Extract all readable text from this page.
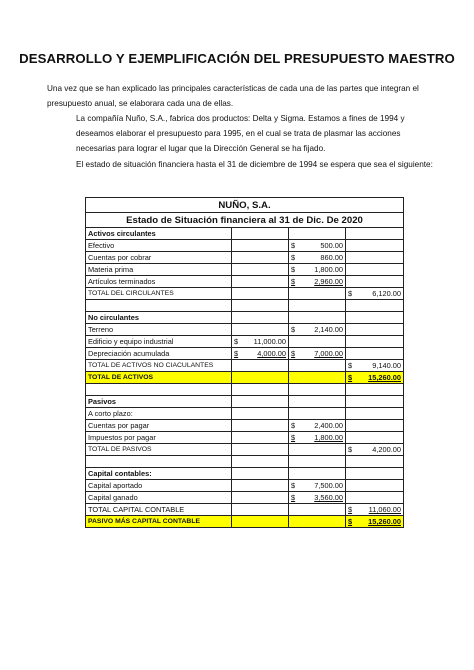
DESARROLLO Y EJEMPLIFICACIÓN DEL PRESUPUESTO MAESTRO
Una vez que se han explicado las principales características de cada una de las partes que integran el presupuesto anual, se elaborara cada una de ellas.
La compañía Nuño, S.A., fabrica dos productos: Delta y Sigma. Estamos a fines de 1994 y deseamos elaborar el presupuesto para 1995, en el cual se trata de plasmar las acciones necesarias para lograr el lugar que la Dirección General se ha fijado.
El estado de situación financiera hasta el 31 de diciembre de 1994 se espera que sea el siguiente:
NUÑO, S.A.			
Estado de Situación financiera al 31 de Dic. De 2020			
Activos circulantes			
Efectivo		$ 500.00	

Cuentas por cobrar		$ 860.00	

Materia prima		$ 1,800.00	

Artículos terminados		$ 2,960.00	

TOTAL DEL CIRCULANTES			$ 6,120.00

No circulantes			
Terreno		$ 2,140.00	

Edificio y equipo industrial	$ 11,000.00		

Depreciación acumulada	$ 4,000.00	$ 7,000.00	

TOTAL DE ACTIVOS NO CIACULANTES			$ 9,140.00

TOTAL DE ACTIVOS			$ 15,260.00

Pasivos			
A corto plazo:			
Cuentas por pagar		$ 2,400.00	

Impuestos por pagar		$ 1,800.00	

TOTAL DE PASIVOS			$ 4,200.00

Capital contables:			
Capital aportado		$ 7,500.00	

Capital ganado		$ 3,560.00	

TOTAL CAPITAL CONTABLE			$ 11,060.00

PASIVO MÁS CAPITAL CONTABLE			$ 15,260.00
